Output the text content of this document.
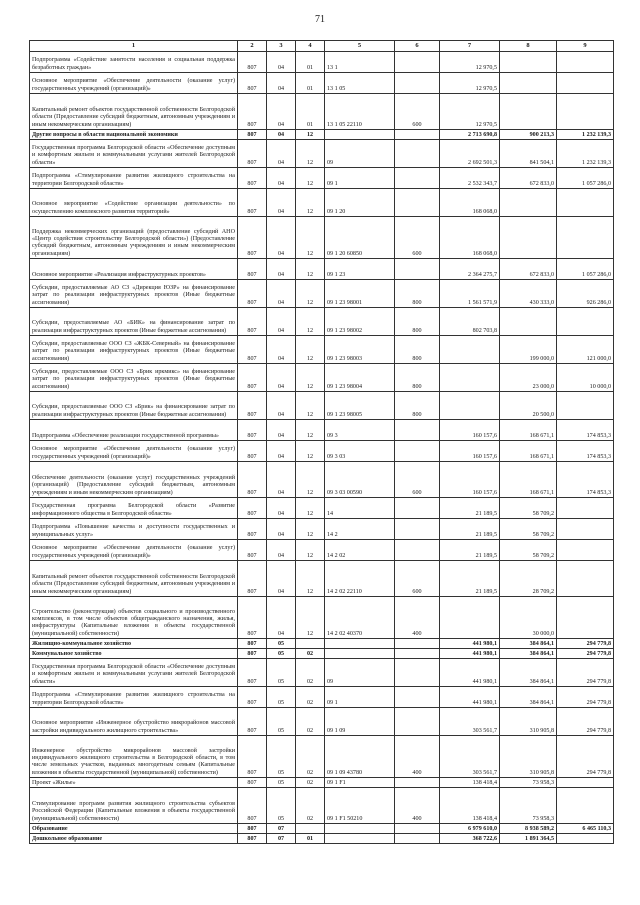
71
1	2	3	4	5	6	7	8	9
Подпрограмма «Содействие занятости населения и социальная поддержка безработных граждан»	807	04	01	13 1		12 970,5		
Основное мероприятие «Обеспечение деятельности (оказание услуг) государственных учреждений (организаций)»	807	04	01	13 1 05		12 970,5		
Капитальный ремонт объектов государственной собственности Белгородской области (Предоставление субсидий бюджетным, автономным учреждениям и иным некоммерческим организациям)	807	04	01	13 1 05 22110	600	12 970,5		
Другие вопросы в области национальной экономики	807	04	12			2 713 690,8	900 213,3	1 232 139,3
Государственная программа Белгородской области «Обеспечение доступным и комфортным жильем и коммунальными услугами жителей Белгородской области»	807	04	12	09		2 692 501,3	841 504,1	1 232 139,3
Подпрограмма «Стимулирование развития жилищного строительства на территории Белгородской области»	807	04	12	09 1		2 532 343,7	672 833,0	1 057 286,0
Основное мероприятие «Содействие организации деятельности» по осуществлению комплексного развития территорий»	807	04	12	09 1 20		168 068,0		
Поддержка некоммерческих организаций (предоставление субсидий АНО «Центр содействия строительству Белгородской области») (Предоставление субсидий бюджетным, автономным учреждениям и иным некоммерческим организациям)	807	04	12	09 1 20 60850	600	168 068,0		
Основное мероприятие «Реализация инфраструктурных проектов»	807	04	12	09 1 23		2 364 275,7	672 833,0	1 057 286,0
Субсидии, предоставляемые АО СЗ «Дирекция ЮЗР» на финансирование затрат по реализации инфраструктурных проектов (Иные бюджетные ассигнования)	807	04	12	09 1 23 98001	800	1 561 571,9	430 333,0	926 286,0
Субсидии, предоставляемые АО «БИК» на финансирование затрат по реализации инфраструктурных проектов (Иные бюджетные ассигнования)	807	04	12	09 1 23 98002	800	802 703,8		
Субсидии, предоставляемые ООО СЗ «ЖБК-Северный» на финансирование затрат по реализации инфраструктурных проектов (Иные бюджетные ассигнования)	807	04	12	09 1 23 98003	800		199 000,0	121 000,0
Субсидии, предоставляемые ООО СЗ «Брик иркмикс» на финансирование затрат по реализации инфраструктурных проектов (Иные бюджетные ассигнования)	807	04	12	09 1 23 98004	800		23 000,0	10 000,0
Субсидии, предоставляемые ООО СЗ «Брик» на финансирование затрат по реализации инфраструктурных проектов (Иные бюджетные ассигнования)	807	04	12	09 1 23 98005	800		20 500,0	
Подпрограмма «Обеспечение реализации государственной программы»	807	04	12	09 3		160 157,6	168 671,1	174 853,3
Основное мероприятие «Обеспечение деятельности (оказание услуг) государственных учреждений (организаций)»	807	04	12	09 3 03		160 157,6	168 671,1	174 853,3
Обеспечение деятельности (оказание услуг) государственных учреждений (организаций) (Предоставление субсидий бюджетным, автономным учреждениям и иным некоммерческим организациям)	807	04	12	09 3 03 00590	600	160 157,6	168 671,1	174 853,3
Государственная программа Белгородской области «Развитие информационного общества в Белгородской области»	807	04	12	14		21 189,5	58 709,2	
Подпрограмма «Повышение качества и доступности государственных и муниципальных услуг»	807	04	12	14 2		21 189,5	58 709,2	
Основное мероприятие «Обеспечение деятельности (оказание услуг) государственных учреждений (организаций)»	807	04	12	14 2 02		21 189,5	58 709,2	
Капитальный ремонт объектов государственной собственности Белгородской области (Предоставление субсидий бюджетным, автономным учреждениям и иным некоммерческим организациям)	807	04	12	14 2 02 22110	600	21 189,5	28 709,2	
Строительство (реконструкция) объектов социального и производственного комплексов, в том числе объектов общегражданского назначения, жилья, инфраструктуры (Капитальные вложения в объекты государственной (муниципальной) собственности)	807	04	12	14 2 02 40370	400		30 000,0	
Жилищно-коммунальное хозяйство	807	05				441 980,1	384 864,1	294 779,8
Коммунальное хозяйство	807	05	02			441 980,1	384 864,1	294 779,8
Государственная программа Белгородской области «Обеспечение доступным и комфортным жильем и коммунальными услугами жителей Белгородской области»	807	05	02	09		441 980,1	384 864,1	294 779,8
Подпрограмма «Стимулирование развития жилищного строительства на территории Белгородской области»	807	05	02	09 1		441 980,1	384 864,1	294 779,8
Основное мероприятие «Инженерное обустройство микрорайонов массовой застройки индивидуального жилищного строительства»	807	05	02	09 1 09		303 561,7	310 905,8	294 779,8
Инженерное обустройство микрорайонов массовой застройки индивидуального жилищного строительства в Белгородской области, в том числе земельных участков, выданных многодетным семьям (Капитальные вложения в объекты государственной (муниципальной) собственности)	807	05	02	09 1 09 43780	400	303 561,7	310 905,8	294 779,8
Проект «Жилье»	807	05	02	09 1 F1		138 418,4	73 958,3	
Стимулирование программ развития жилищного строительства субъектов Российской Федерации (Капитальные вложения в объекты государственной (муниципальной) собственности)	807	05	02	09 1 F1 50210	400	138 418,4	73 958,3	
Образование	807	07				6 979 610,0	8 938 589,2	6 465 110,3
Дошкольное образование	807	07	01			368 722,6	1 891 364,5	
